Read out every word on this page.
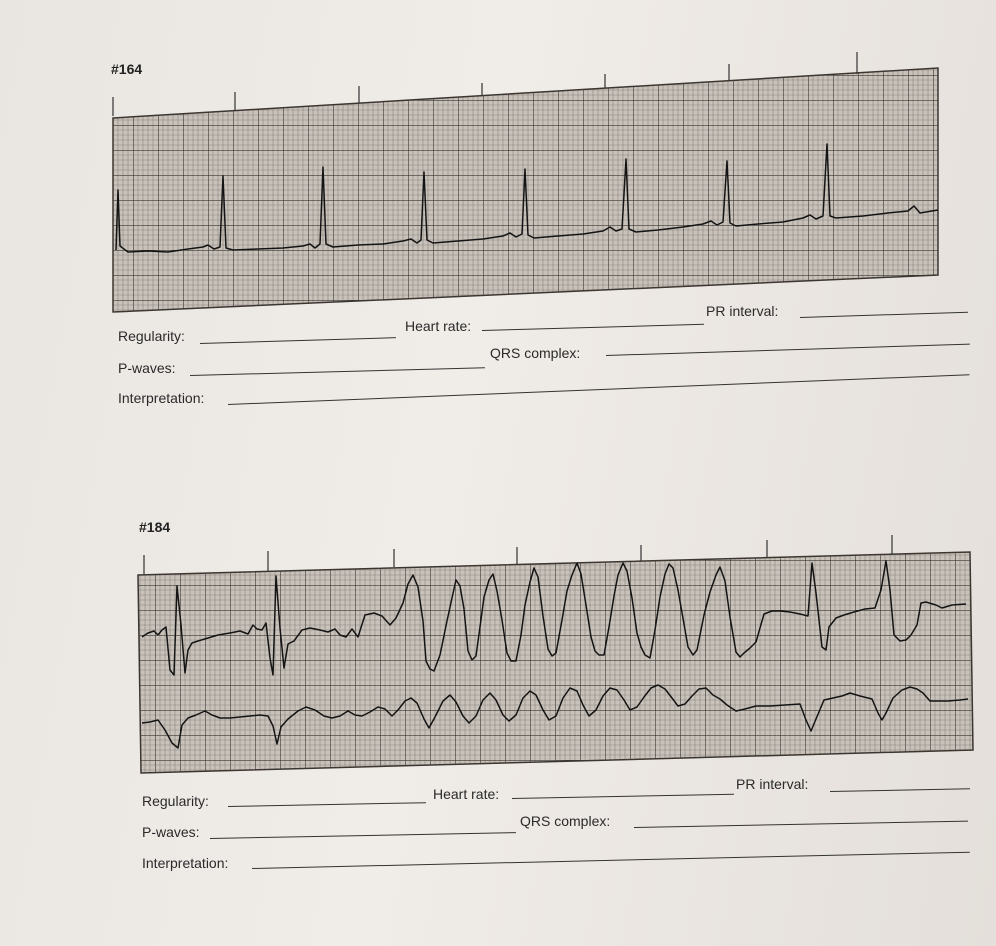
#164
Regularity:
Heart rate:
PR interval:
P-waves:
QRS complex:
Interpretation:
#184
Regularity:	Heart rate:
PR interval:
P-waves:
QRS complex:
Interpretation:
